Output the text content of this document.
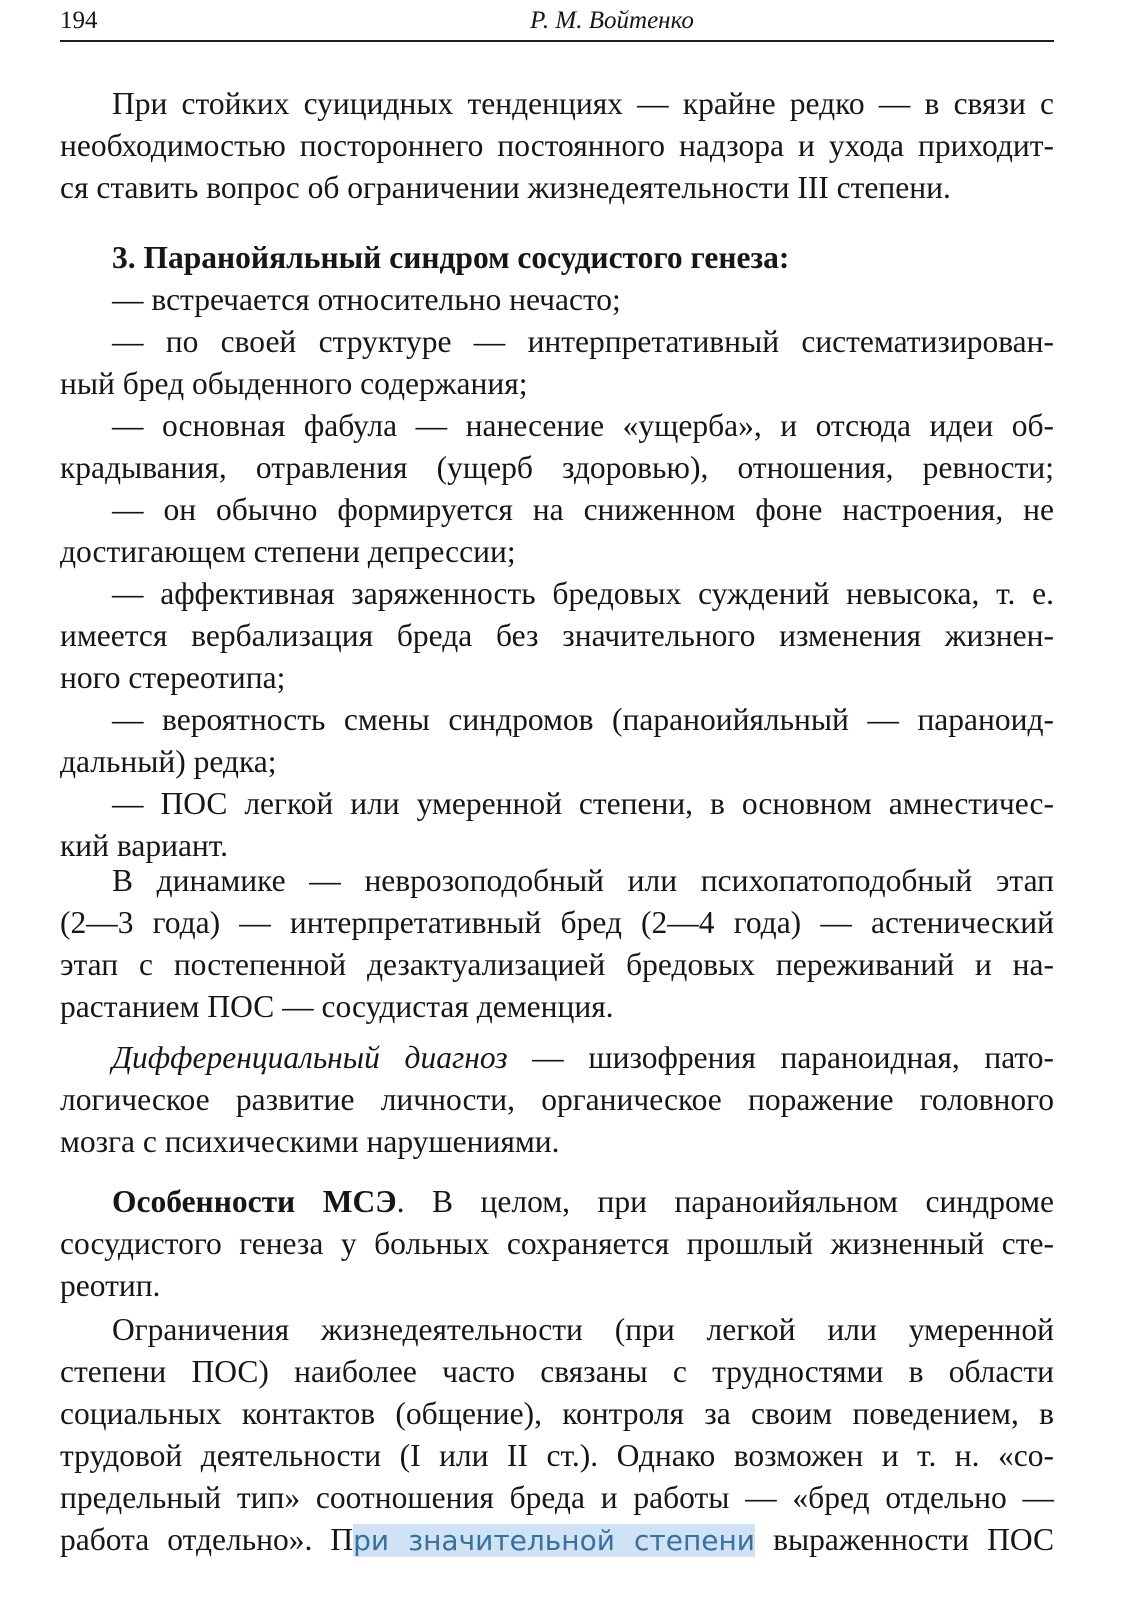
194	Р. М. Войтенко
При стойких суицидных тенденциях — крайне редко — в связи с
необходимостью постороннего постоянного надзора и ухода приходит-
ся ставить вопрос об ограничении жизнедеятельности III степени.
3. Паранойяльный синдром сосудистого генеза:
— встречается относительно нечасто;
— по своей структуре — интерпретативный систематизирован-
ный бред обыденного содержания;
— основная фабула — нанесение «ущерба», и отсюда идеи об-
крадывания, отравления (ущерб здоровью), отношения, ревности;
— он обычно формируется на сниженном фоне настроения, не
достигающем степени депрессии;
— аффективная заряженность бредовых суждений невысока, т. е.
имеется вербализация бреда без значительного изменения жизнен-
ного стереотипа;
— вероятность смены синдромов (параноийяльный — параноид-
дальный) редка;
— ПОС легкой или умеренной степени, в основном амнестичес-
кий вариант.
В динамике — неврозоподобный или психопатоподобный этап
(2—3 года) — интерпретативный бред (2—4 года) — астенический
этап с постепенной дезактуализацией бредовых переживаний и на-
растанием ПОС — сосудистая деменция.
Дифференциальный диагноз — шизофрения параноидная, пато-
логическое развитие личности, органическое поражение головного
мозга с психическими нарушениями.
Особенности МСЭ. В целом, при параноийяльном синдроме
сосудистого генеза у больных сохраняется прошлый жизненный сте-
реотип.
Ограничения жизнедеятельности (при легкой или умеренной
степени ПОС) наиболее часто связаны с трудностями в области
социальных контактов (общение), контроля за своим поведением, в
трудовой деятельности (I или II ст.). Однако возможен и т. н. «со-
предельный тип» соотношения бреда и работы — «бред отдельно —
работа отдельно». При значительной степени выраженности ПОС
